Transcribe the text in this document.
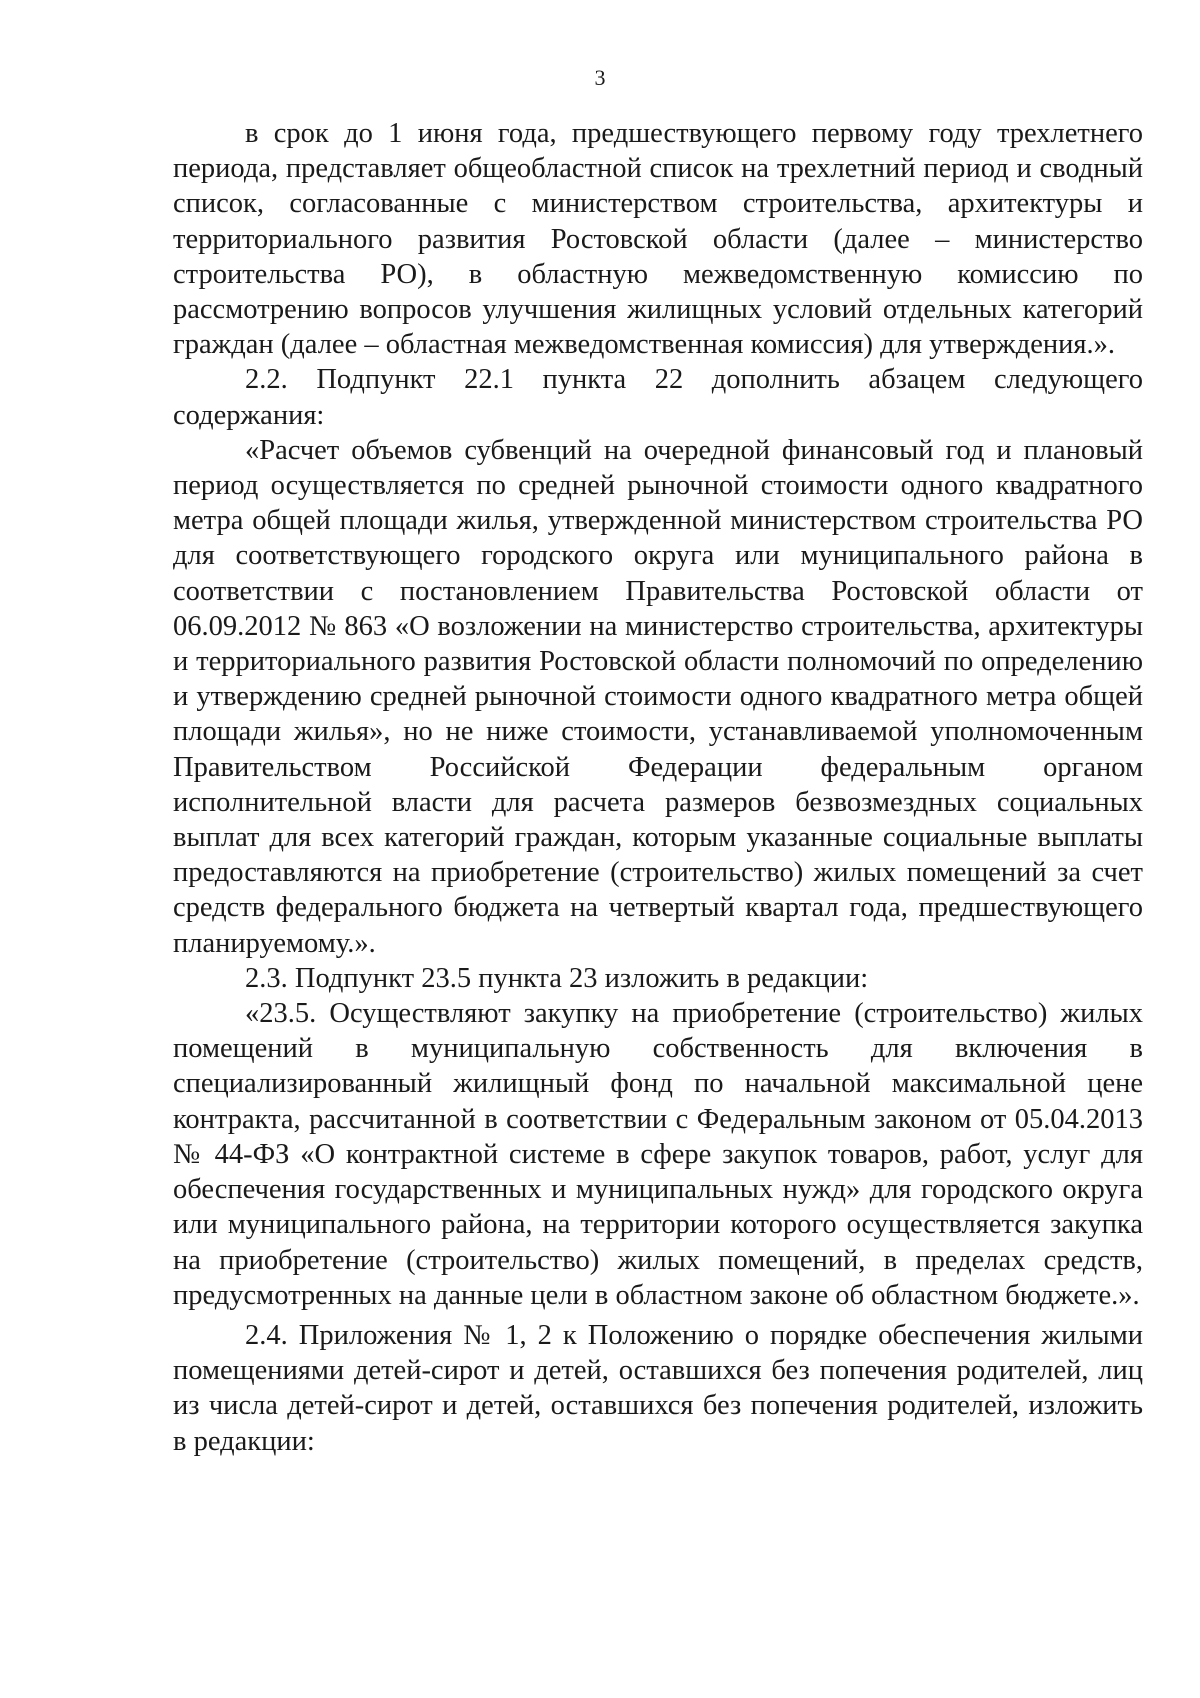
3

в срок до 1 июня года, предшествующего первому году трехлетнего периода, представляет общеобластной список на трехлетний период и сводный список, согласованные с министерством строительства, архитектуры и территориального развития Ростовской области (далее – министерство строительства РО), в областную межведомственную комиссию по рассмотрению вопросов улучшения жилищных условий отдельных категорий граждан (далее – областная межведомственная комиссия) для утверждения.».

2.2. Подпункт 22.1 пункта 22 дополнить абзацем следующего содержания:

«Расчет объемов субвенций на очередной финансовый год и плановый период осуществляется по средней рыночной стоимости одного квадратного метра общей площади жилья, утвержденной министерством строительства РО для соответствующего городского округа или муниципального района в соответствии с постановлением Правительства Ростовской области от 06.09.2012 № 863 «О возложении на министерство строительства, архитектуры и территориального развития Ростовской области полномочий по определению и утверждению средней рыночной стоимости одного квадратного метра общей площади жилья», но не ниже стоимости, устанавливаемой уполномоченным Правительством Российской Федерации федеральным органом исполнительной власти для расчета размеров безвозмездных социальных выплат для всех категорий граждан, которым указанные социальные выплаты предоставляются на приобретение (строительство) жилых помещений за счет средств федерального бюджета на четвертый квартал года, предшествующего планируемому.».

2.3. Подпункт 23.5 пункта 23 изложить в редакции:

«23.5. Осуществляют закупку на приобретение (строительство) жилых помещений в муниципальную собственность для включения в специализированный жилищный фонд по начальной максимальной цене контракта, рассчитанной в соответствии с Федеральным законом от 05.04.2013 № 44-ФЗ «О контрактной системе в сфере закупок товаров, работ, услуг для обеспечения государственных и муниципальных нужд» для городского округа или муниципального района, на территории которого осуществляется закупка на приобретение (строительство) жилых помещений, в пределах средств, предусмотренных на данные цели в областном законе об областном бюджете.».

2.4. Приложения № 1, 2 к Положению о порядке обеспечения жилыми помещениями детей-сирот и детей, оставшихся без попечения родителей, лиц из числа детей-сирот и детей, оставшихся без попечения родителей, изложить в редакции:
